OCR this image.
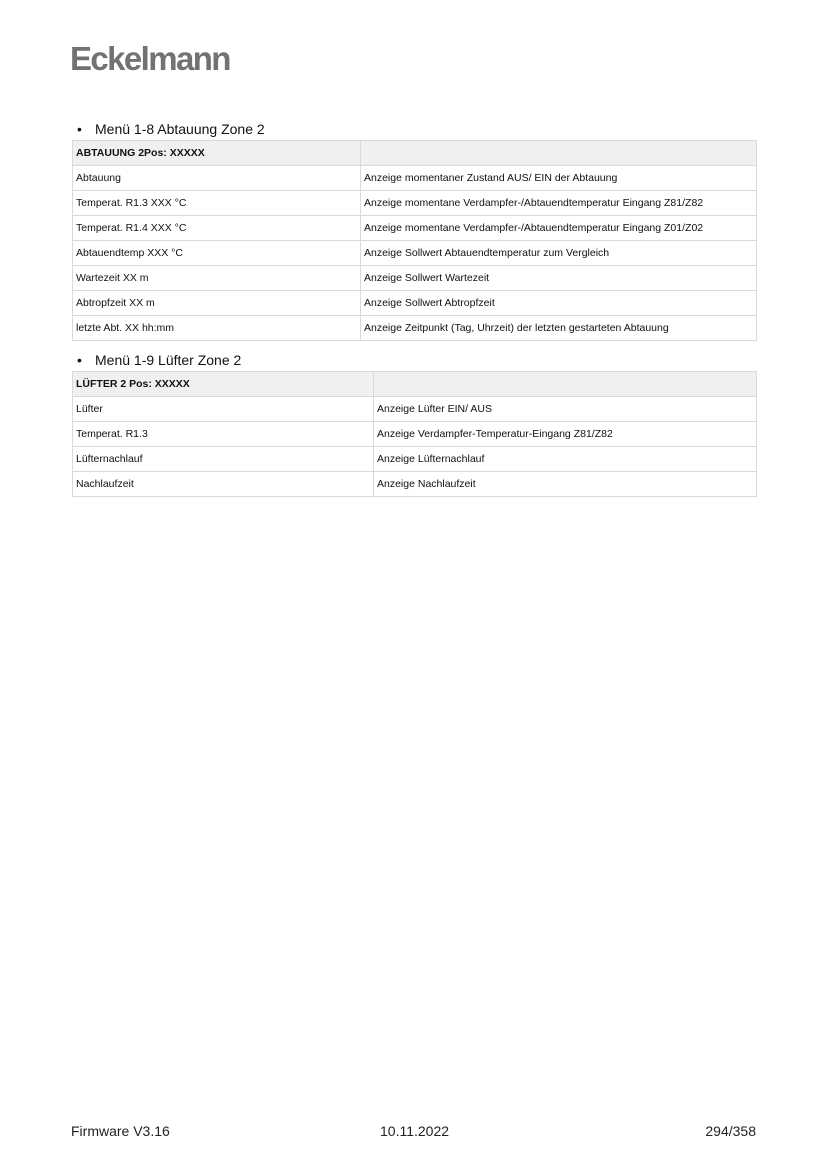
Eckelmann
• Menü 1-8 Abtauung Zone 2
ABTAUUNG 2Pos: XXXXX	
Abtauung	Anzeige momentaner Zustand AUS/ EIN der Abtauung
Temperat. R1.3 XXX °C	Anzeige momentane Verdampfer-/Abtauendtemperatur Eingang Z81/Z82
Temperat. R1.4 XXX °C	Anzeige momentane Verdampfer-/Abtauendtemperatur Eingang Z01/Z02
Abtauendtemp XXX °C	Anzeige Sollwert Abtauendtemperatur zum Vergleich
Wartezeit XX m	Anzeige Sollwert Wartezeit
Abtropfzeit XX m	Anzeige Sollwert Abtropfzeit
letzte Abt. XX hh:mm	Anzeige Zeitpunkt (Tag, Uhrzeit) der letzten gestarteten Abtauung
• Menü 1-9 Lüfter Zone 2
LÜFTER 2 Pos: XXXXX	
Lüfter	Anzeige Lüfter EIN/ AUS
Temperat. R1.3	Anzeige Verdampfer-Temperatur-Eingang Z81/Z82
Lüfternachlauf	Anzeige Lüfternachlauf
Nachlaufzeit	Anzeige Nachlaufzeit
Firmware V3.16	10.11.2022	294/358
